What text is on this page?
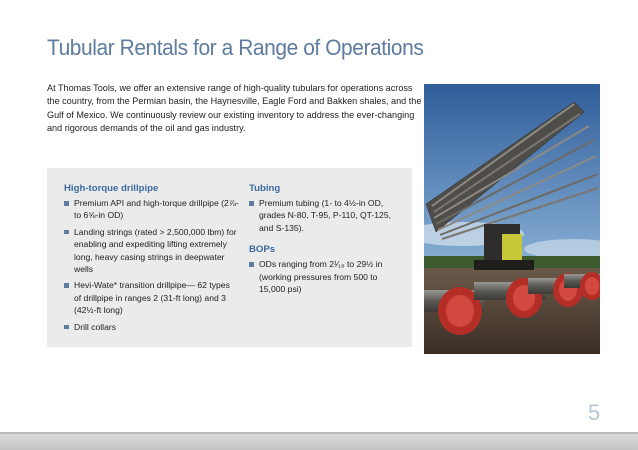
Tubular Rentals for a Range of Operations

At Thomas Tools, we offer an extensive range of high-quality tubulars for operations across the country, from the Permian basin, the Haynesville, Eagle Ford and Bakken shales, and the Gulf of Mexico. We continuously review our existing inventory to address the ever-changing and rigorous demands of the oil and gas industry.

High-torque drillpipe
Premium API and high-torque drillpipe (2⅞- to 6⅝-in OD)
Landing strings (rated > 2,500,000 lbm) for enabling and expediting lifting extremely long, heavy casing strings in deepwater wells
Hevi-Wate* transition drillpipe— 62 types of drillpipe in ranges 2 (31-ft long) and 3 (42½-ft long)
Drill collars
Tubing
Premium tubing (1- to 4½-in OD, grades N-80, T-95, P-110, QT-125, and S-135).
BOPs
ODs ranging from 2¹⁄₁₆ to 29½ in (working pressures from 500 to 15,000 psi)
5
